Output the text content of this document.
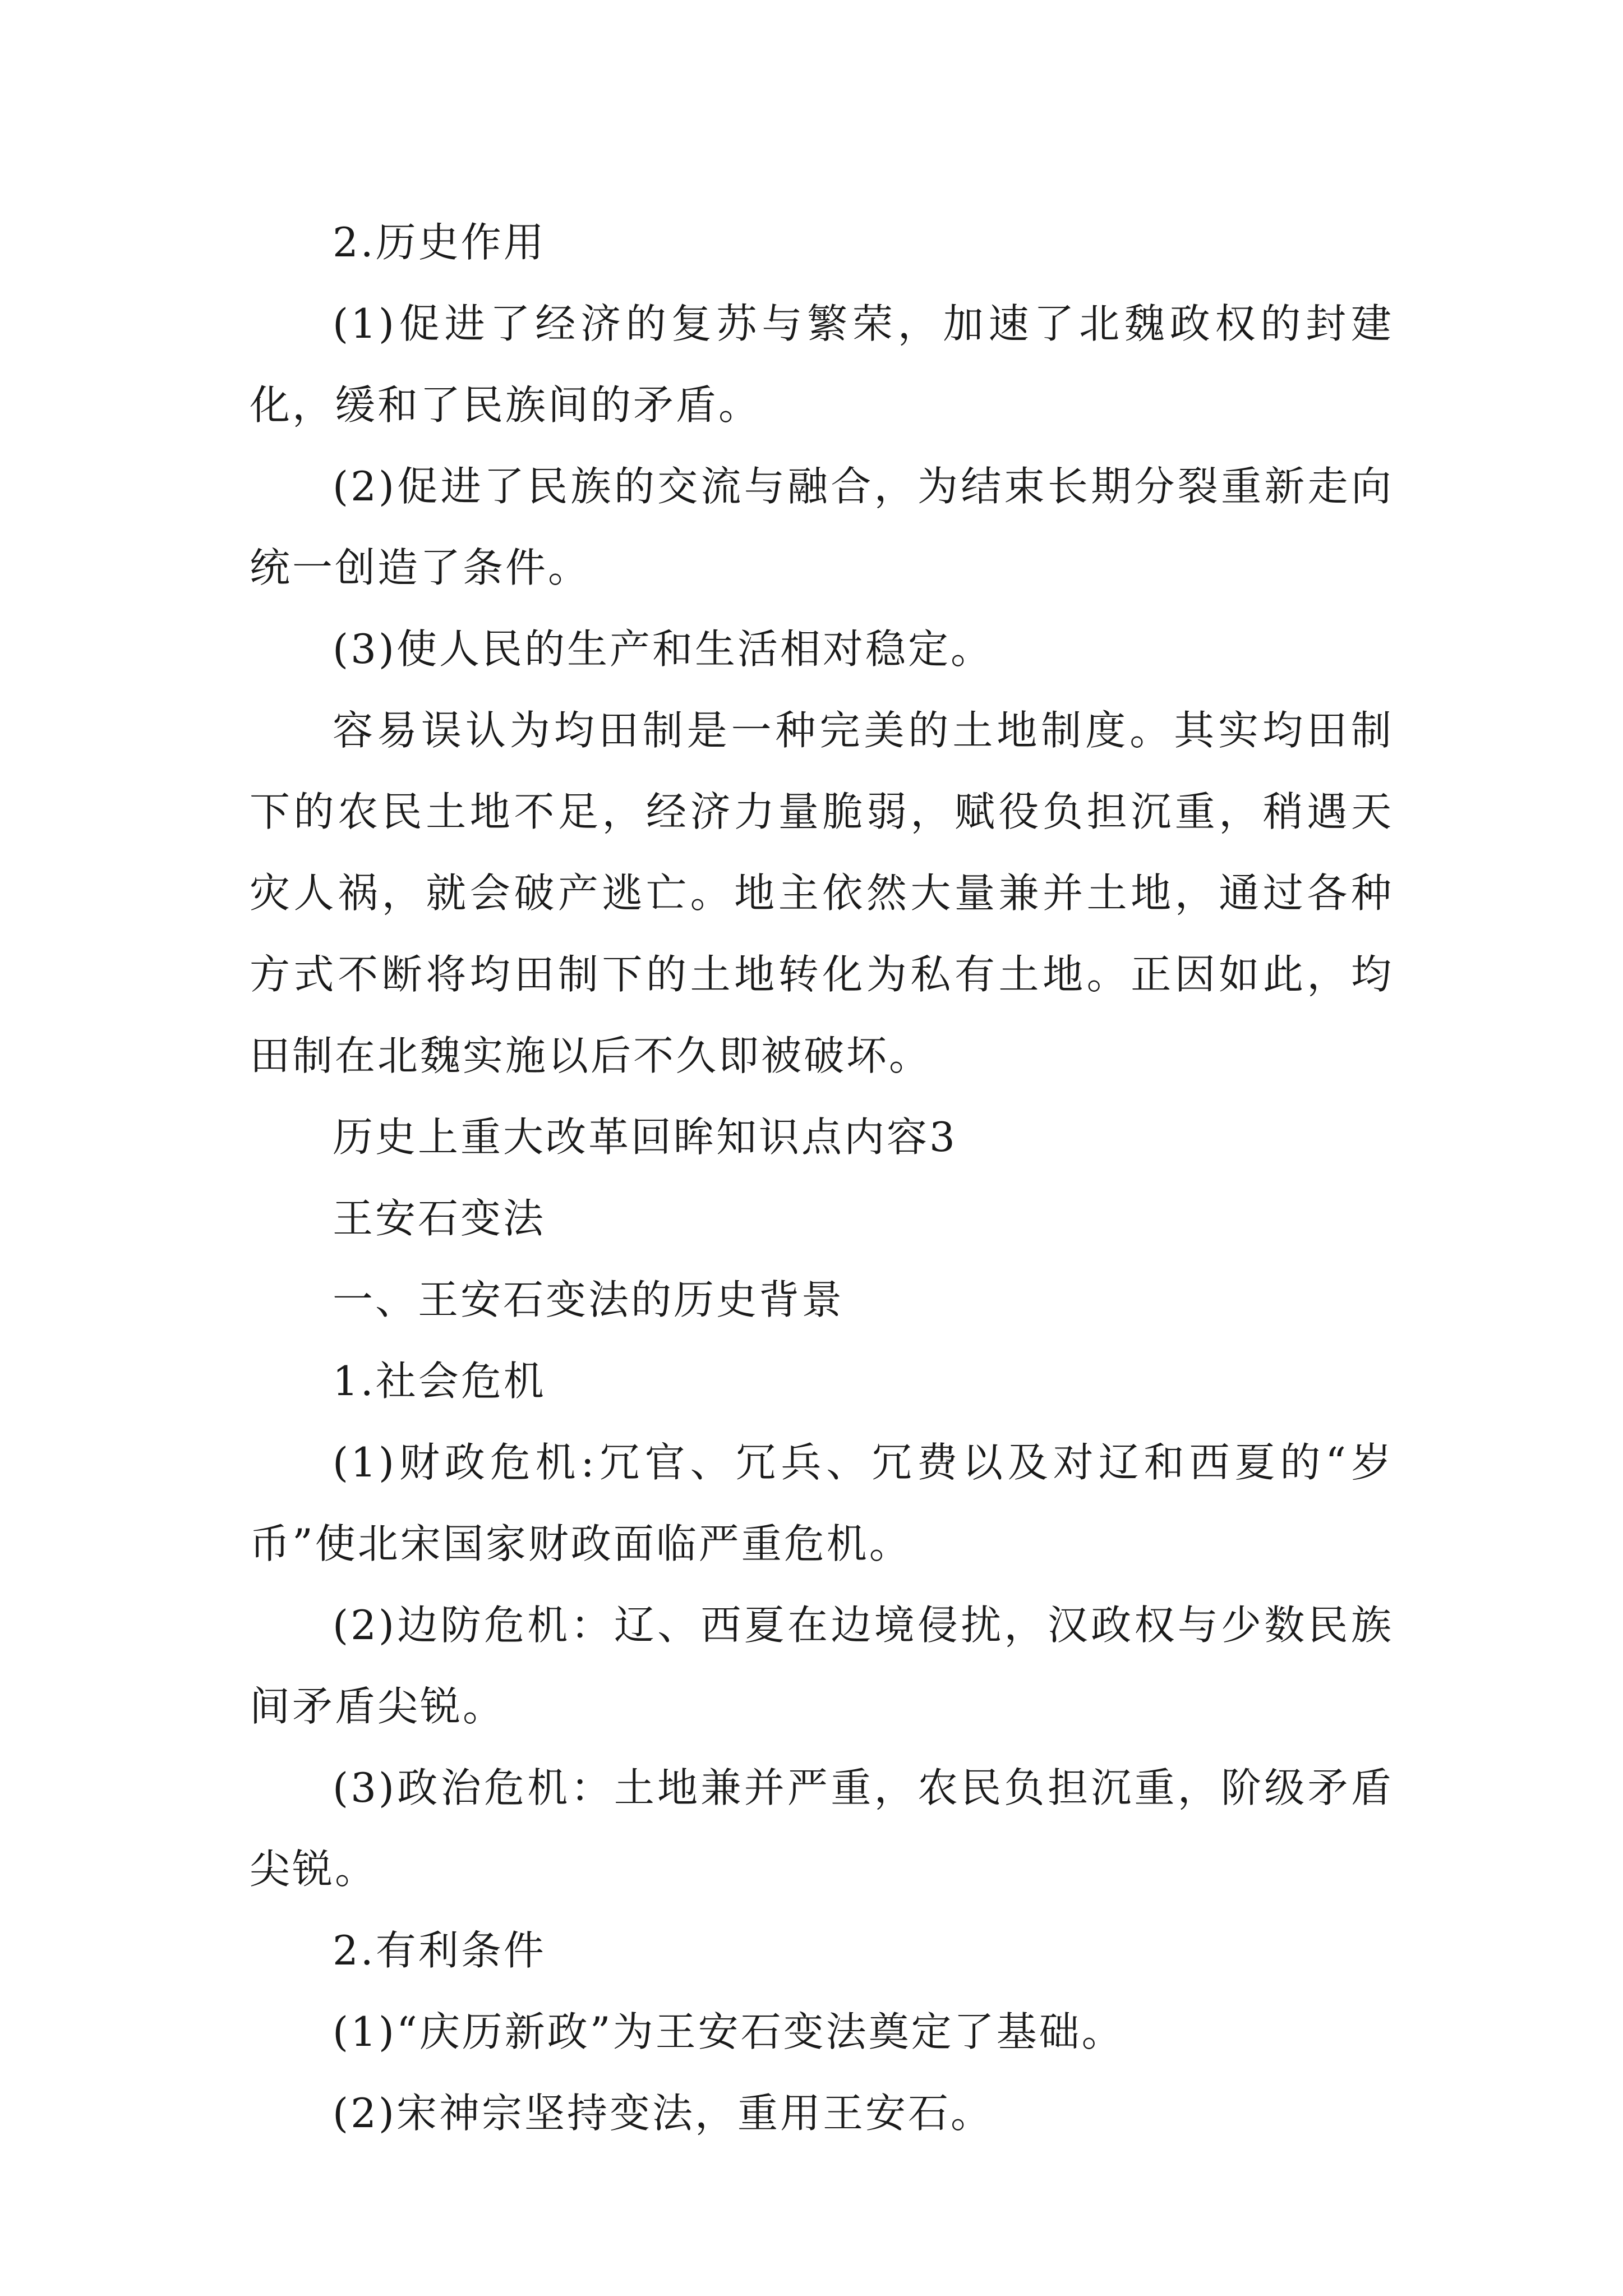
2.历史作用

(1)促进了经济的复苏与繁荣，加速了北魏政权的封建化，缓和了民族间的矛盾。

(2)促进了民族的交流与融合，为结束长期分裂重新走向统一创造了条件。

(3)使人民的生产和生活相对稳定。

容易误认为均田制是一种完美的土地制度。其实均田制下的农民土地不足，经济力量脆弱，赋役负担沉重，稍遇天灾人祸，就会破产逃亡。地主依然大量兼并土地，通过各种方式不断将均田制下的土地转化为私有土地。正因如此，均田制在北魏实施以后不久即被破坏。

历史上重大改革回眸知识点内容3

王安石变法

一、王安石变法的历史背景

1.社会危机

(1)财政危机:冗官、冗兵、冗费以及对辽和西夏的“岁币”使北宋国家财政面临严重危机。

(2)边防危机：辽、西夏在边境侵扰，汉政权与少数民族间矛盾尖锐。

(3)政治危机：土地兼并严重，农民负担沉重，阶级矛盾尖锐。

2.有利条件

(1)“庆历新政”为王安石变法奠定了基础。

(2)宋神宗坚持变法，重用王安石。
